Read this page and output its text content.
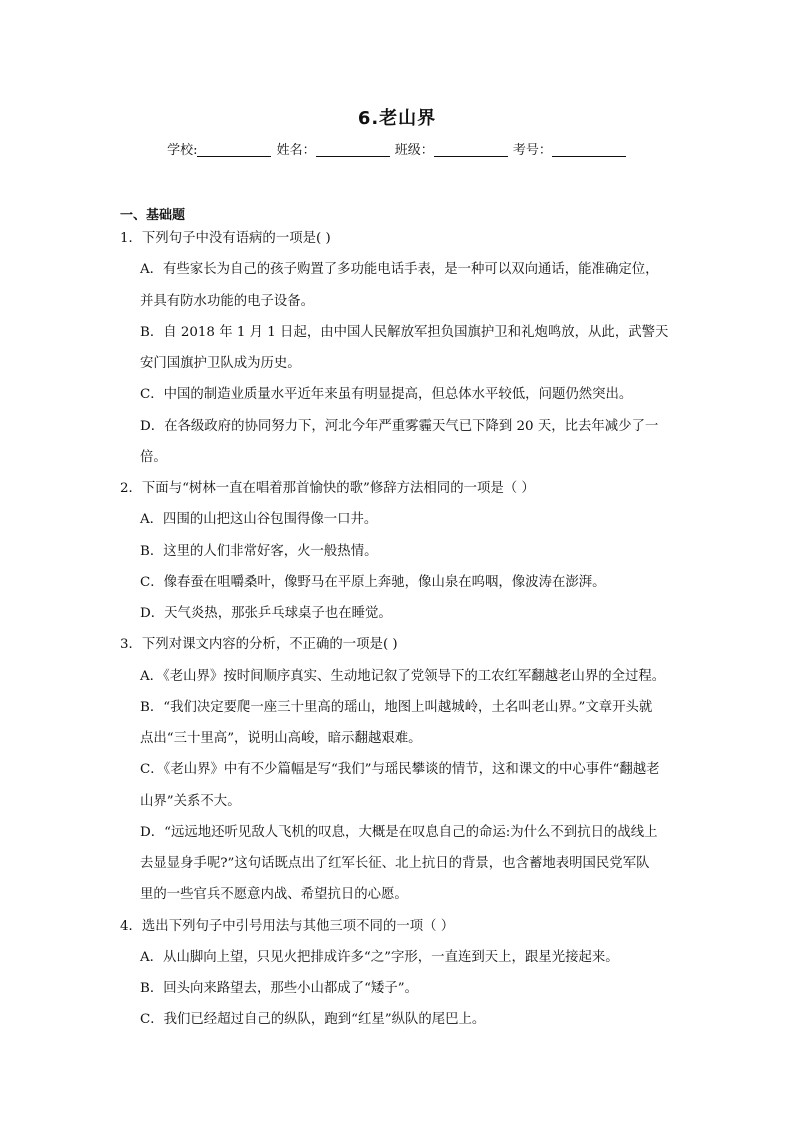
6.老山界
学校:	姓名：	班级：	考号：
一、基础题
1．下列句子中没有语病的一项是( )
A．有些家长为自己的孩子购置了多功能电话手表，是一种可以双向通话，能准确定位，
并具有防水功能的电子设备。
B．自 2018 年 1 月 1 日起，由中国人民解放军担负国旗护卫和礼炮鸣放，从此，武警天
安门国旗护卫队成为历史。
C．中国的制造业质量水平近年来虽有明显提高，但总体水平较低，问题仍然突出。
D．在各级政府的协同努力下，河北今年严重雾霾天气已下降到 20 天，比去年减少了一
倍。
2．下面与“树林一直在唱着那首愉快的歌”修辞方法相同的一项是（ ）
A．四围的山把这山谷包围得像一口井。
B．这里的人们非常好客，火一般热情。
C．像春蚕在咀嚼桑叶，像野马在平原上奔驰，像山泉在呜咽，像波涛在澎湃。
D．天气炎热，那张乒乓球桌子也在睡觉。
3．下列对课文内容的分析，不正确的一项是( )
A．《老山界》按时间顺序真实、生动地记叙了党领导下的工农红军翻越老山界的全过程。
B．“我们决定要爬一座三十里高的瑶山，地图上叫越城岭，土名叫老山界。”文章开头就
点出“三十里高”，说明山高峻，暗示翻越艰难。
C．《老山界》中有不少篇幅是写“我们”与瑶民攀谈的情节，这和课文的中心事件“翻越老
山界”关系不大。
D．“远远地还听见敌人飞机的叹息，大概是在叹息自己的命运:为什么不到抗日的战线上
去显显身手呢?”这句话既点出了红军长征、北上抗日的背景，也含蓄地表明国民党军队
里的一些官兵不愿意内战、希望抗日的心愿。
4．选出下列句子中引号用法与其他三项不同的一项（ ）
A．从山脚向上望，只见火把排成许多“之”字形，一直连到天上，跟星光接起来。
B．回头向来路望去，那些小山都成了“矮子”。
C．我们已经超过自己的纵队，跑到“红星”纵队的尾巴上。
